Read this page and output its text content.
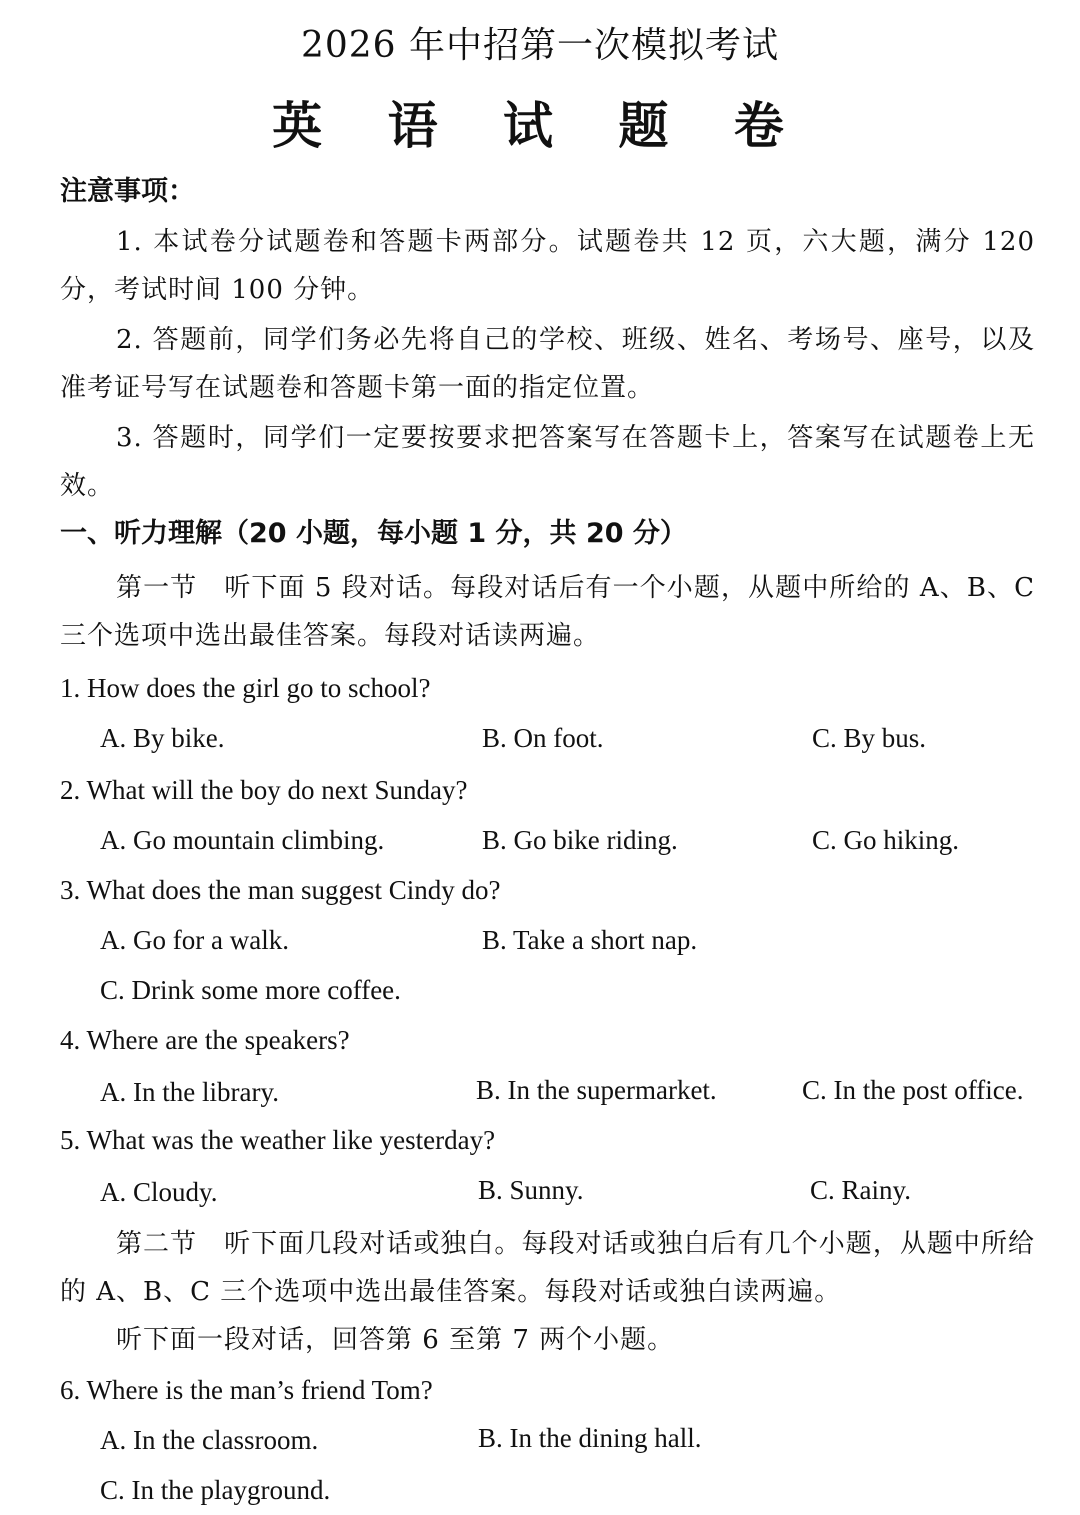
2026 年中招第一次模拟考试
英 语 试 题 卷
注意事项：
1. 本试卷分试题卷和答题卡两部分。试题卷共 12 页，六大题，满分 120 分，考试时间 100 分钟。
2. 答题前，同学们务必先将自己的学校、班级、姓名、考场号、座号，以及准考证号写在试题卷和答题卡第一面的指定位置。
3. 答题时，同学们一定要按要求把答案写在答题卡上，答案写在试题卷上无效。
一、听力理解（20 小题，每小题 1 分，共 20 分）
第一节　听下面 5 段对话。每段对话后有一个小题，从题中所给的 A、B、C 三个选项中选出最佳答案。每段对话读两遍。
1. How does the girl go to school?
A. By bike.	B. On foot.	C. By bus.
2. What will the boy do next Sunday?
A. Go mountain climbing.	B. Go bike riding.	C. Go hiking.
3. What does the man suggest Cindy do?
A. Go for a walk.	B. Take a short nap.
C. Drink some more coffee.
4. Where are the speakers?
A. In the library.	B. In the supermarket.	C. In the post office.
5. What was the weather like yesterday?
A. Cloudy.	B. Sunny.	C. Rainy.
第二节　听下面几段对话或独白。每段对话或独白后有几个小题，从题中所给的 A、B、C 三个选项中选出最佳答案。每段对话或独白读两遍。
听下面一段对话，回答第 6 至第 7 两个小题。
6. Where is the man’s friend Tom?
A. In the classroom.	B. In the dining hall.
C. In the playground.
